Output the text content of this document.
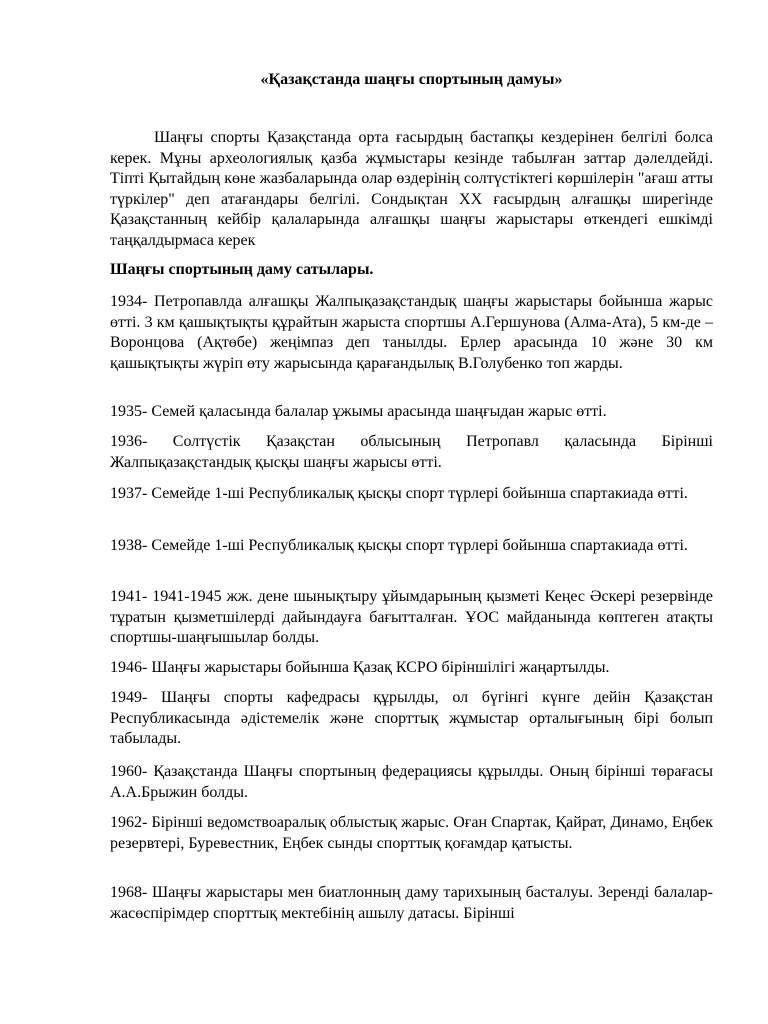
«Қазақстанда шаңғы спортының дамуы»

Шаңғы спорты Қазақстанда орта ғасырдың бастапқы кездерінен белгілі болса керек. Мұны археологиялық қазба жұмыстары кезінде табылған заттар дәлелдейді. Тіпті Қытайдың көне жазбаларында олар өздерінің солтүстіктегі көршілерін "ағаш атты түркілер" деп атағандары белгілі. Сондықтан ХХ ғасырдың алғашқы ширегінде Қазақстанның кейбір қалаларында алғашқы шаңғы жарыстары өткендегі ешкімді таңқалдырмаса керек

Шаңғы спортының даму сатылары.

1934- Петропавлда алғашқы Жалпықазақстандық шаңғы жарыстары бойынша жарыс өтті. 3 км қашықтықты құрайтын жарыста спортшы А.Гершунова (Алма-Ата), 5 км-де – Воронцова (Ақтөбе) жеңімпаз деп танылды. Ерлер арасында 10 және 30 км қашықтықты жүріп өту жарысында қарағандылық В.Голубенко топ жарды.

1935- Семей қаласында балалар ұжымы арасында шаңғыдан жарыс өтті.

1936- Солтүстік Қазақстан облысының Петропавл қаласында Бірінші Жалпықазақстандық қысқы шаңғы жарысы өтті.

1937- Семейде 1-ші Республикалық қысқы спорт түрлері бойынша спартакиада өтті.

1938- Семейде 1-ші Республикалық қысқы спорт түрлері бойынша спартакиада өтті.

1941- 1941-1945 жж. дене шынықтыру ұйымдарының қызметі Кеңес Әскері резервінде тұратын қызметшілерді дайындауға бағытталған. ҰОС майданында көптеген атақты спортшы-шаңғышылар болды.

1946- Шаңғы жарыстары бойынша Қазақ КСРО біріншілігі жаңартылды.

1949- Шаңғы спорты кафедрасы құрылды, ол бүгінгі күнге дейін Қазақстан Республикасында әдістемелік және спорттық жұмыстар орталығының бірі болып табылады.

1960- Қазақстанда Шаңғы спортының федерациясы құрылды. Оның бірінші төрағасы А.А.Брыжин болды.

1962- Бірінші ведомствоаралық облыстық жарыс. Оған Спартак, Қайрат, Динамо, Еңбек резервтері, Буревестник, Еңбек сынды спорттық қоғамдар қатысты.

1968- Шаңғы жарыстары мен биатлонның даму тарихының басталуы. Зеренді балалар-жасөспірімдер спорттық мектебінің ашылу датасы. Бірінші
